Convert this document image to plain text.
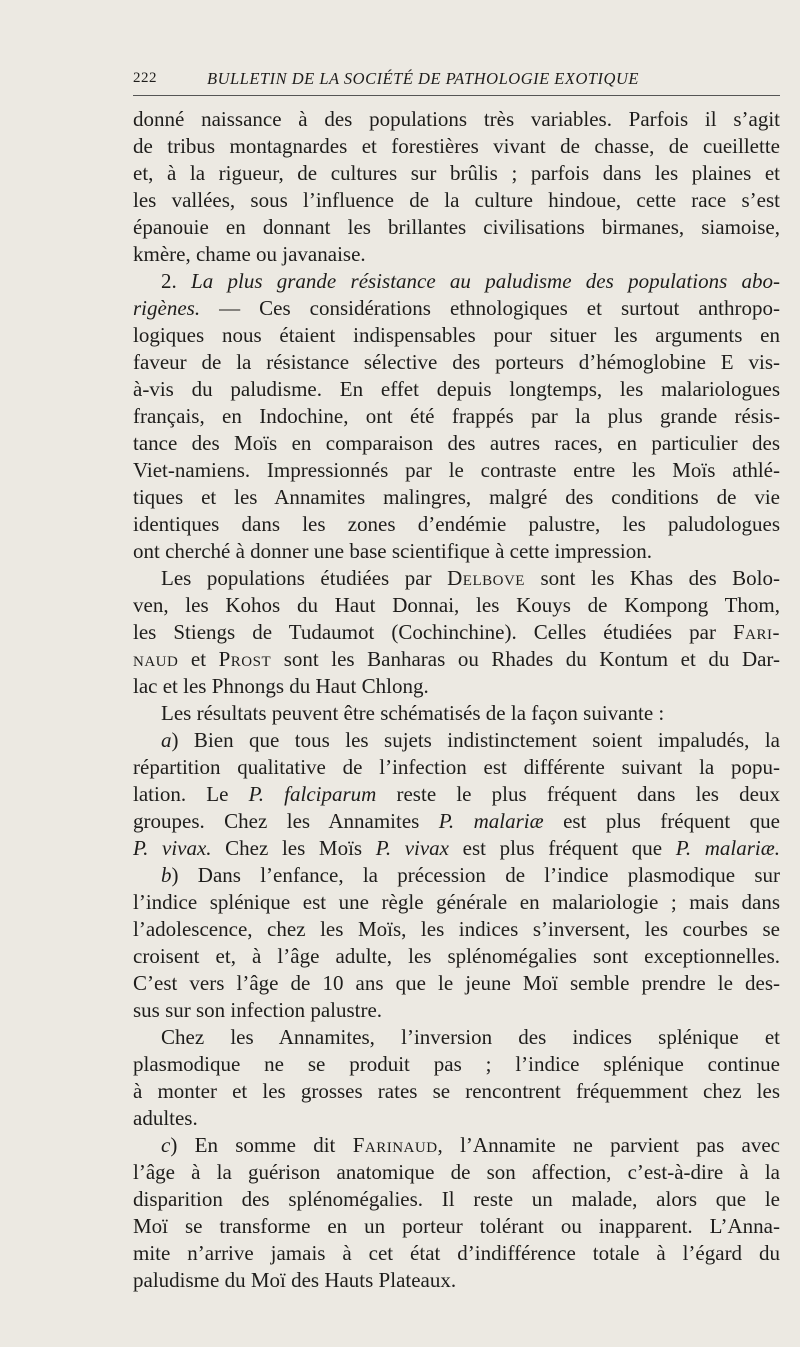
222	BULLETIN DE LA SOCIÉTÉ DE PATHOLOGIE EXOTIQUE
donné naissance à des populations très variables. Parfois il s’agit
de tribus montagnardes et forestières vivant de chasse, de cueillette
et, à la rigueur, de cultures sur brûlis ; parfois dans les plaines et
les vallées, sous l’influence de la culture hindoue, cette race s’est
épanouie en donnant les brillantes civilisations birmanes, siamoise,
kmère, chame ou javanaise.
2. La plus grande résistance au paludisme des populations abo-
rigènes. — Ces considérations ethnologiques et surtout anthropo-
logiques nous étaient indispensables pour situer les arguments en
faveur de la résistance sélective des porteurs d’hémoglobine E vis-
à-vis du paludisme. En effet depuis longtemps, les malariologues
français, en Indochine, ont été frappés par la plus grande résis-
tance des Moïs en comparaison des autres races, en particulier des
Viet-namiens. Impressionnés par le contraste entre les Moïs athlé-
tiques et les Annamites malingres, malgré des conditions de vie
identiques dans les zones d’endémie palustre, les paludologues
ont cherché à donner une base scientifique à cette impression.
Les populations étudiées par Delbove sont les Khas des Bolo-
ven, les Kohos du Haut Donnai, les Kouys de Kompong Thom,
les Stiengs de Tudaumot (Cochinchine). Celles étudiées par Fari-
naud et Prost sont les Banharas ou Rhades du Kontum et du Dar-
lac et les Phnongs du Haut Chlong.
Les résultats peuvent être schématisés de la façon suivante :
a) Bien que tous les sujets indistinctement soient impaludés, la
répartition qualitative de l’infection est différente suivant la popu-
lation. Le P. falciparum reste le plus fréquent dans les deux
groupes. Chez les Annamites P. malariæ est plus fréquent que
P. vivax. Chez les Moïs P. vivax est plus fréquent que P. malariæ.
b) Dans l’enfance, la précession de l’indice plasmodique sur
l’indice splénique est une règle générale en malariologie ; mais dans
l’adolescence, chez les Moïs, les indices s’inversent, les courbes se
croisent et, à l’âge adulte, les splénomégalies sont exceptionnelles.
C’est vers l’âge de 10 ans que le jeune Moï semble prendre le des-
sus sur son infection palustre.
Chez les Annamites, l’inversion des indices splénique et
plasmodique ne se produit pas ; l’indice splénique continue
à monter et les grosses rates se rencontrent fréquemment chez les
adultes.
c) En somme dit Farinaud, l’Annamite ne parvient pas avec
l’âge à la guérison anatomique de son affection, c’est-à-dire à la
disparition des splénomégalies. Il reste un malade, alors que le
Moï se transforme en un porteur tolérant ou inapparent. L’Anna-
mite n’arrive jamais à cet état d’indifférence totale à l’égard du
paludisme du Moï des Hauts Plateaux.
